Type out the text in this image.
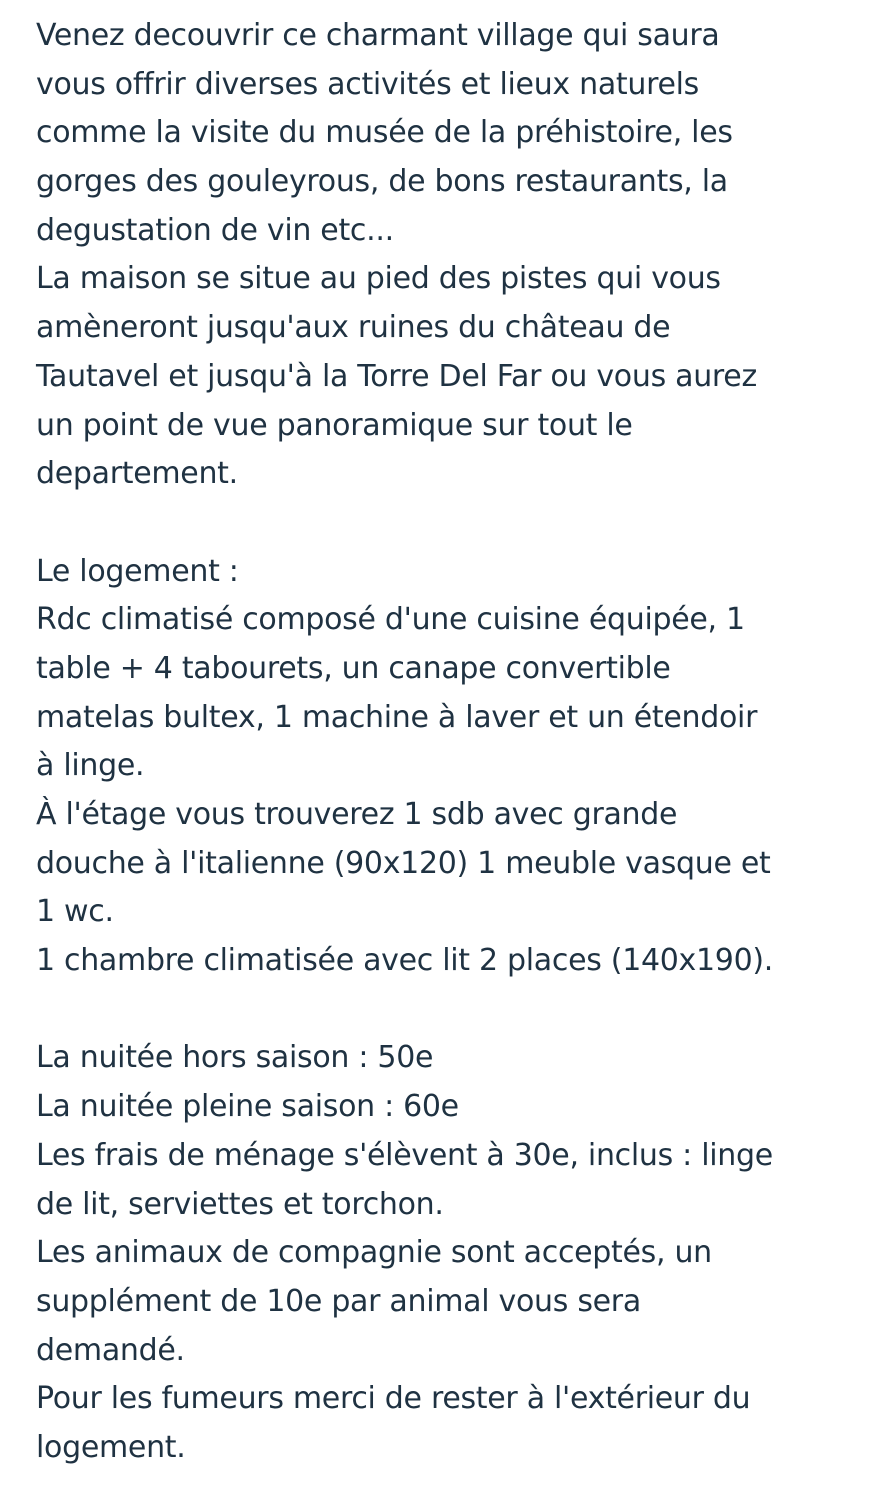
Venez decouvrir ce charmant village qui saura
vous offrir diverses activités et lieux naturels
comme la visite du musée de la préhistoire, les
gorges des gouleyrous, de bons restaurants, la
degustation de vin etc...
La maison se situe au pied des pistes qui vous
amèneront jusqu'aux ruines du château de
Tautavel et jusqu'à la Torre Del Far ou vous aurez
un point de vue panoramique sur tout le
departement.
Le logement :
Rdc climatisé composé d'une cuisine équipée, 1
table + 4 tabourets, un canape convertible
matelas bultex, 1 machine à laver et un étendoir
à linge.
À l'étage vous trouverez 1 sdb avec grande
douche à l'italienne (90x120) 1 meuble vasque et
1 wc.
1 chambre climatisée avec lit 2 places (140x190).
La nuitée hors saison : 50e
La nuitée pleine saison : 60e
Les frais de ménage s'élèvent à 30e, inclus : linge
de lit, serviettes et torchon.
Les animaux de compagnie sont acceptés, un
supplément de 10e par animal vous sera
demandé.
Pour les fumeurs merci de rester à l'extérieur du
logement.
